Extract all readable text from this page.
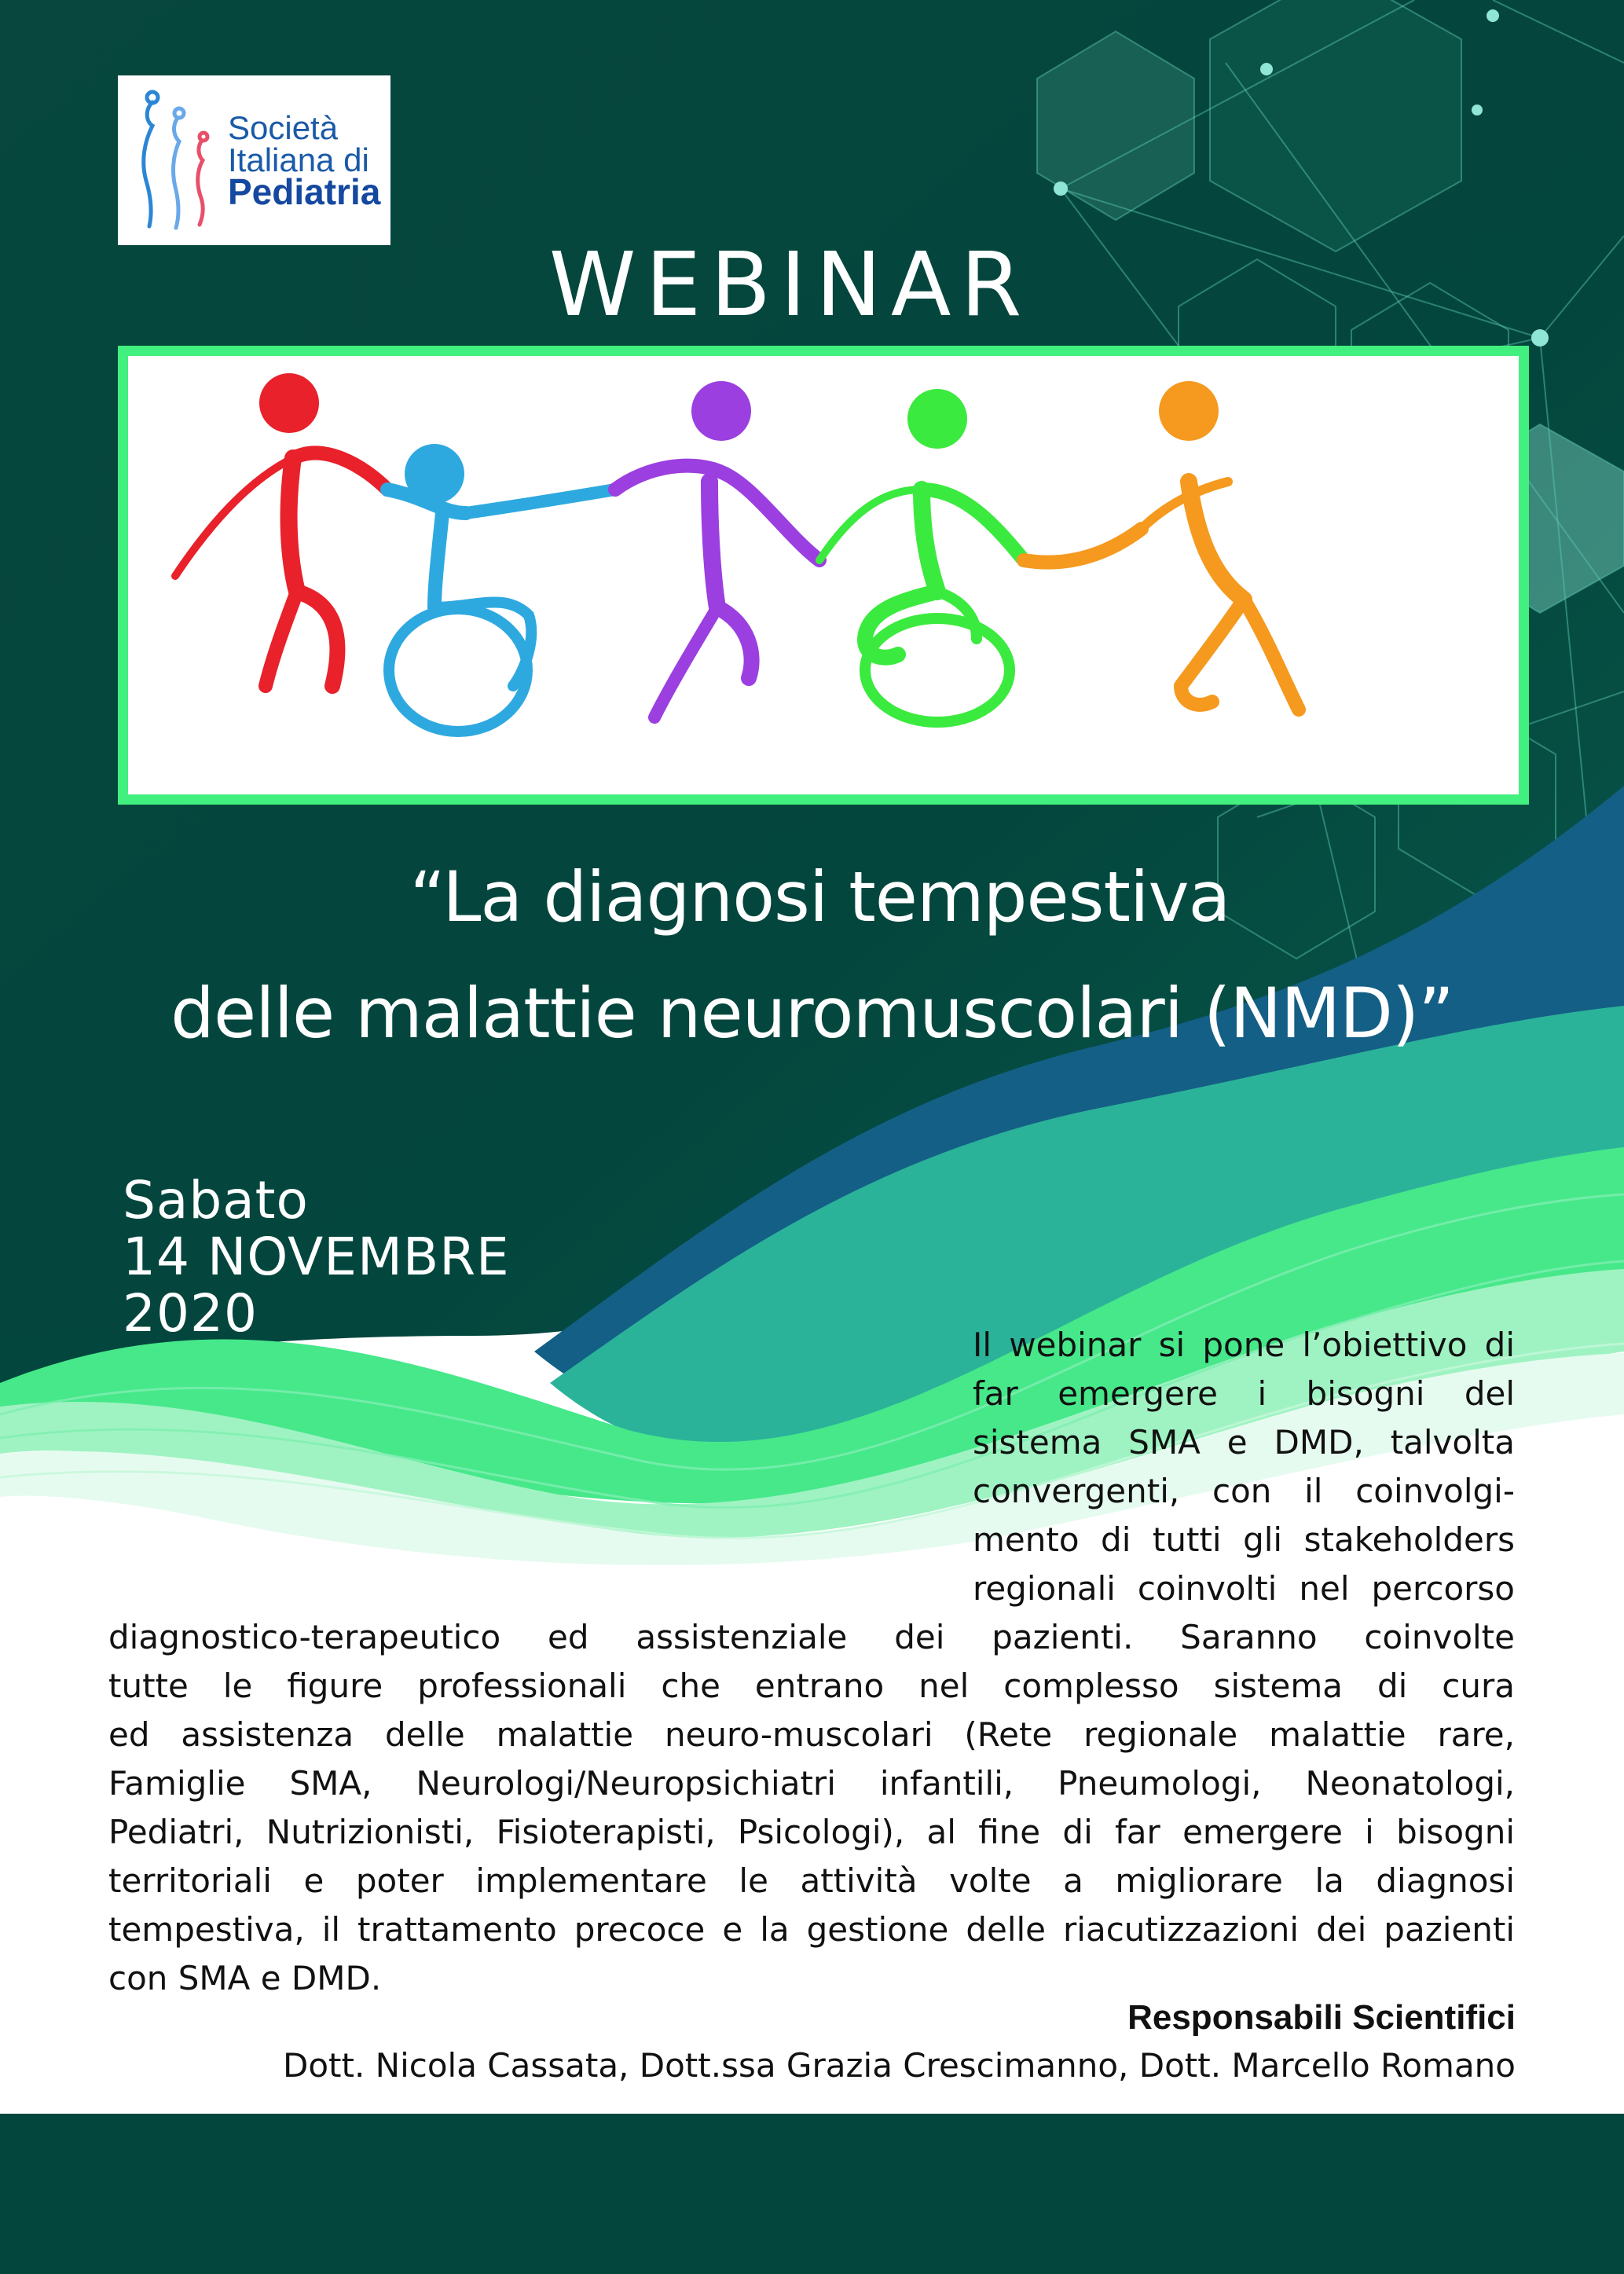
Società
Italiana di
Pediatria
WEBINAR
“La diagnosi tempestiva
delle malattie neuromuscolari (NMD)”
Sabato
14 NOVEMBRE
2020
Il webinar si pone l’obiettivo di
far emergere i bisogni del
sistema SMA e DMD, talvolta
convergenti, con il coinvolgi-
mento di tutti gli stakeholders
regionali coinvolti nel percorso
diagnostico-terapeutico ed assistenziale dei pazienti. Saranno coinvolte
tutte le figure professionali che entrano nel complesso sistema di cura
ed assistenza delle malattie neuro-muscolari (Rete regionale malattie rare,
Famiglie SMA, Neurologi/Neuropsichiatri infantili, Pneumologi, Neonatologi,
Pediatri, Nutrizionisti, Fisioterapisti, Psicologi), al fine di far emergere i bisogni
territoriali e poter implementare le attività volte a migliorare la diagnosi
tempestiva, il trattamento precoce e la gestione delle riacutizzazioni dei pazienti
con SMA e DMD.
Responsabili Scientifici
Dott. Nicola Cassata, Dott.ssa Grazia Crescimanno, Dott. Marcello Romano
